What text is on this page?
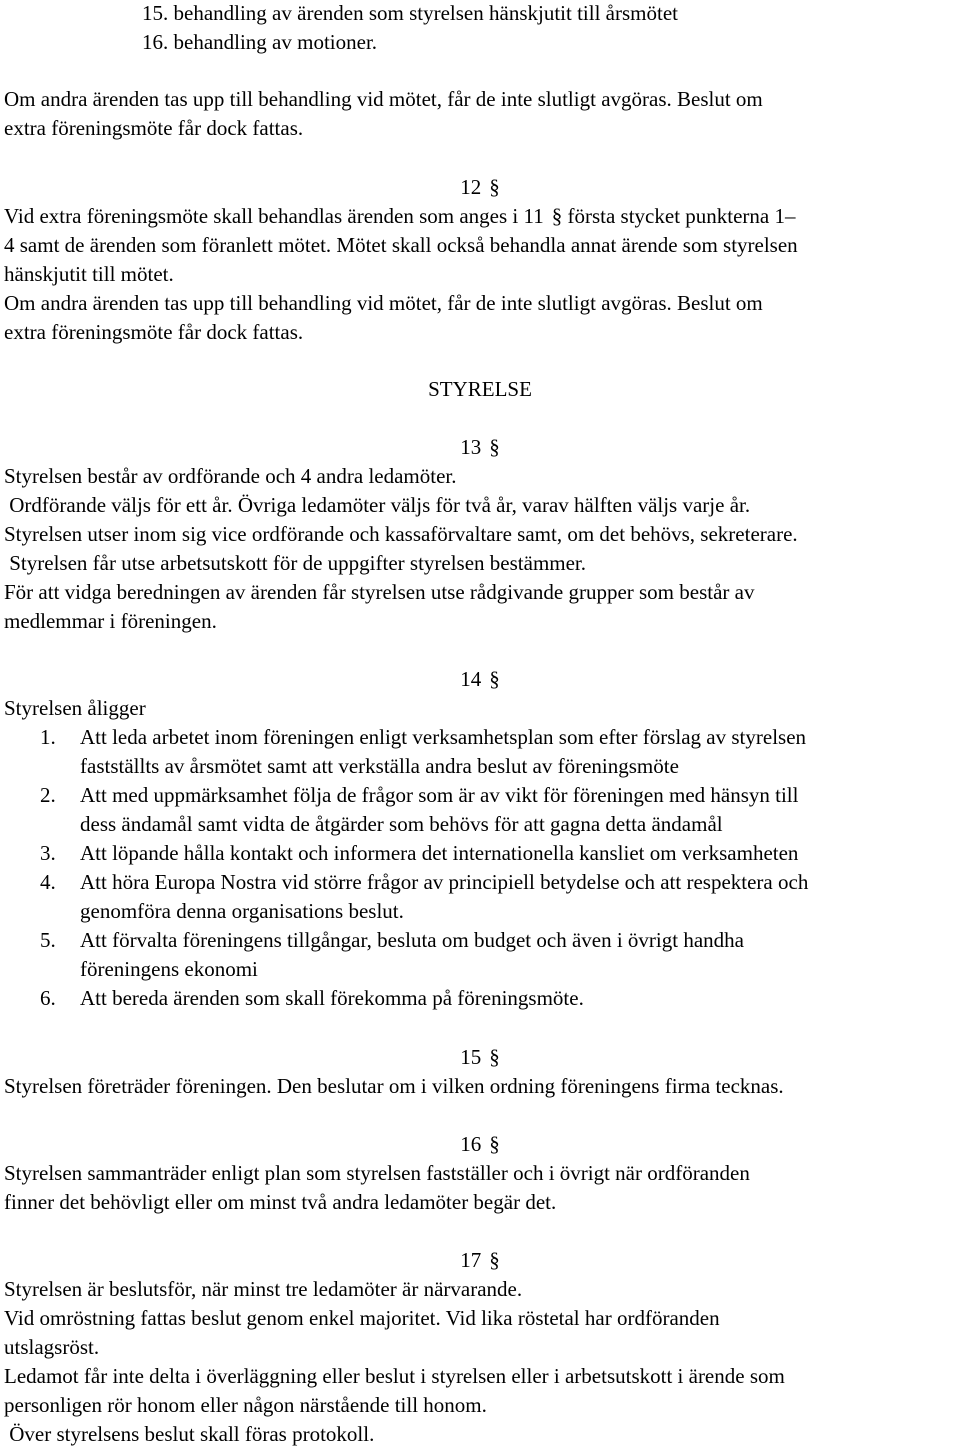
15. behandling av ärenden som styrelsen hänskjutit till årsmötet
16. behandling av motioner.
Om andra ärenden tas upp till behandling vid mötet, får de inte slutligt avgöras. Beslut om
extra föreningsmöte får dock fattas.
12 §
Vid extra föreningsmöte skall behandlas ärenden som anges i 11 § första stycket punkterna 1–
4 samt de ärenden som föranlett mötet. Mötet skall också behandla annat ärende som styrelsen
hänskjutit till mötet.
Om andra ärenden tas upp till behandling vid mötet, får de inte slutligt avgöras. Beslut om
extra föreningsmöte får dock fattas.
STYRELSE
13 §
Styrelsen består av ordförande och 4 andra ledamöter.
Ordförande väljs för ett år. Övriga ledamöter väljs för två år, varav hälften väljs varje år.
Styrelsen utser inom sig vice ordförande och kassaförvaltare samt, om det behövs, sekreterare.
Styrelsen får utse arbetsutskott för de uppgifter styrelsen bestämmer.
För att vidga beredningen av ärenden får styrelsen utse rådgivande grupper som består av
medlemmar i föreningen.
14 §
Styrelsen åligger
1. Att leda arbetet inom föreningen enligt verksamhetsplan som efter förslag av styrelsen
fastställts av årsmötet samt att verkställa andra beslut av föreningsmöte
2. Att med uppmärksamhet följa de frågor som är av vikt för föreningen med hänsyn till
dess ändamål samt vidta de åtgärder som behövs för att gagna detta ändamål
3. Att löpande hålla kontakt och informera det internationella kansliet om verksamheten
4. Att höra Europa Nostra vid större frågor av principiell betydelse och att respektera och
genomföra denna organisations beslut.
5. Att förvalta föreningens tillgångar, besluta om budget och även i övrigt handha
föreningens ekonomi
6. Att bereda ärenden som skall förekomma på föreningsmöte.
15 §
Styrelsen företräder föreningen. Den beslutar om i vilken ordning föreningens firma tecknas.
16 §
Styrelsen sammanträder enligt plan som styrelsen fastställer och i övrigt när ordföranden
finner det behövligt eller om minst två andra ledamöter begär det.
17 §
Styrelsen är beslutsför, när minst tre ledamöter är närvarande.
Vid omröstning fattas beslut genom enkel majoritet. Vid lika röstetal har ordföranden
utslagsröst.
Ledamot får inte delta i överläggning eller beslut i styrelsen eller i arbetsutskott i ärende som
personligen rör honom eller någon närstående till honom.
Över styrelsens beslut skall föras protokoll.
